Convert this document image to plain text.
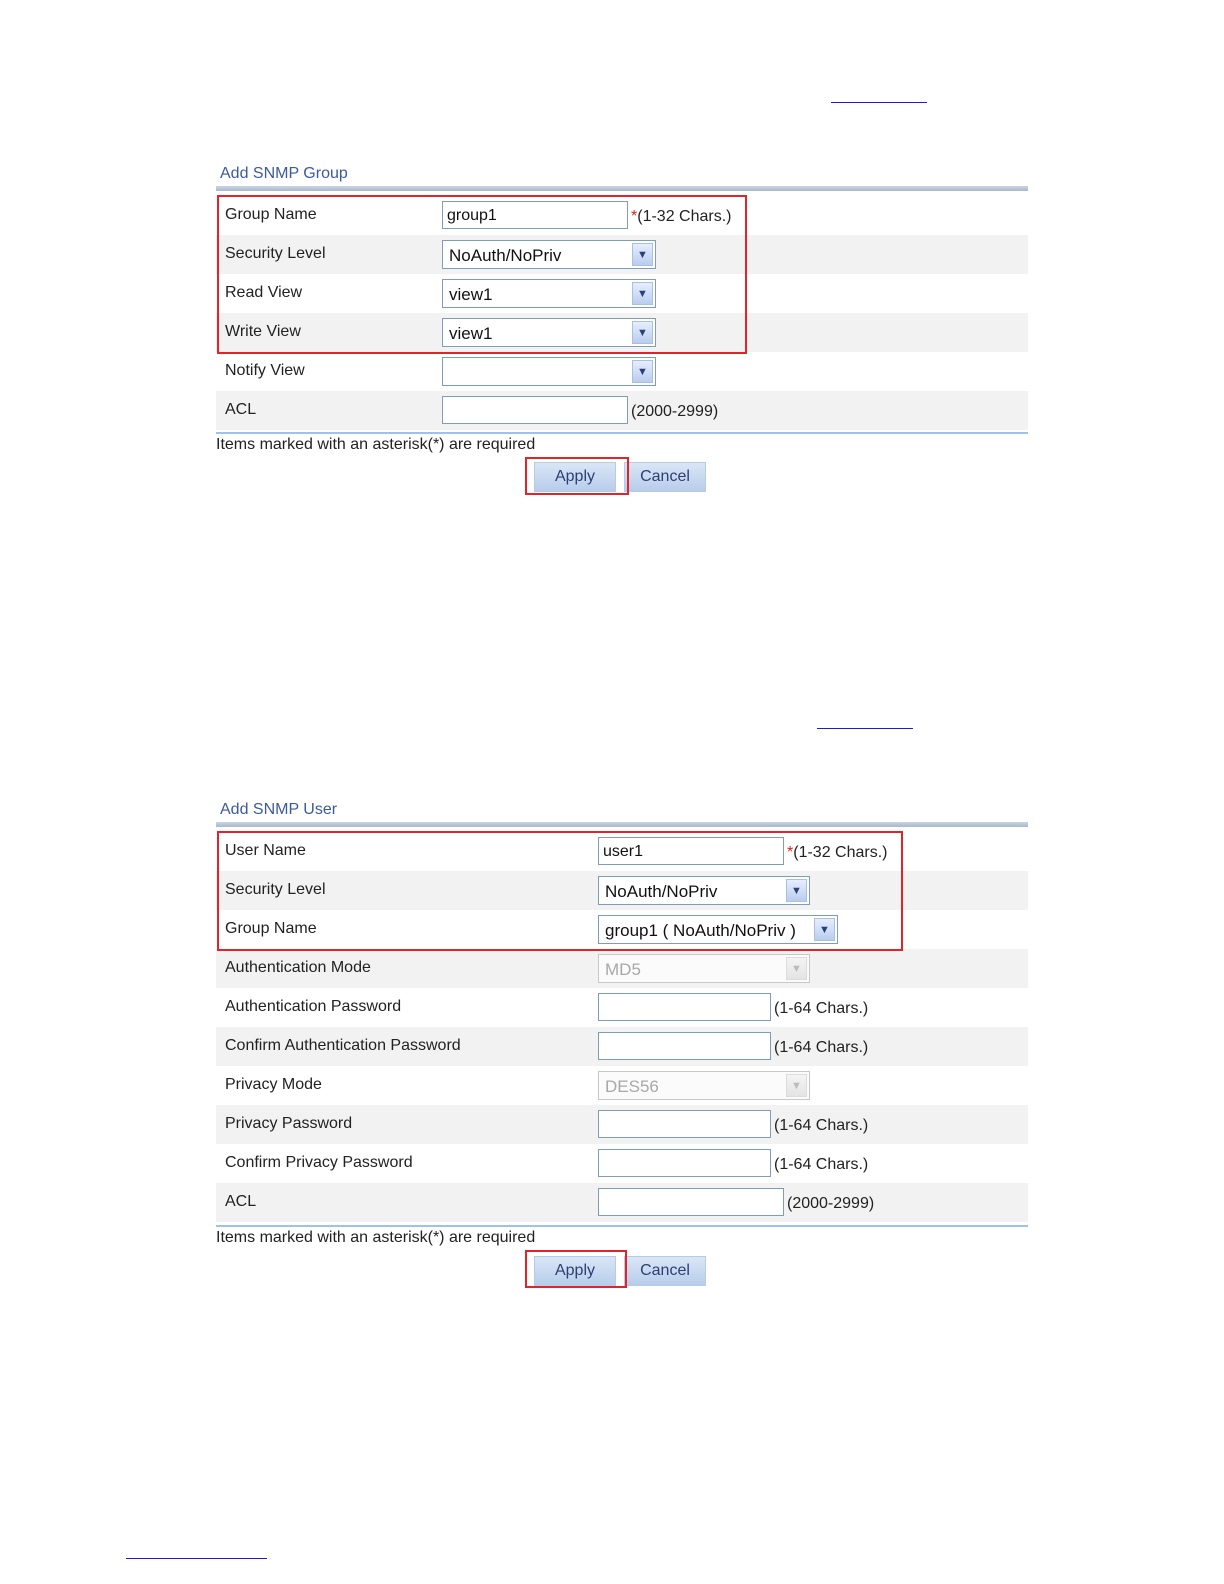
Add SNMP Group
Group Name	group1	*(1-32 Chars.)
Security Level	NoAuth/NoPriv	▼
Read View	view1	▼
Write View	view1	▼
Notify View	▼
ACL	(2000-2999)
Items marked with an asterisk(*) are required
Apply	Cancel
Add SNMP User
User Name	user1	*(1-32 Chars.)
Security Level	NoAuth/NoPriv	▼
Group Name	group1 ( NoAuth/NoPriv )	▼
Authentication Mode	MD5	▼
Authentication Password	(1-64 Chars.)
Confirm Authentication Password	(1-64 Chars.)
Privacy Mode	DES56	▼
Privacy Password	(1-64 Chars.)
Confirm Privacy Password	(1-64 Chars.)
ACL	(2000-2999)
Items marked with an asterisk(*) are required
Apply	Cancel
